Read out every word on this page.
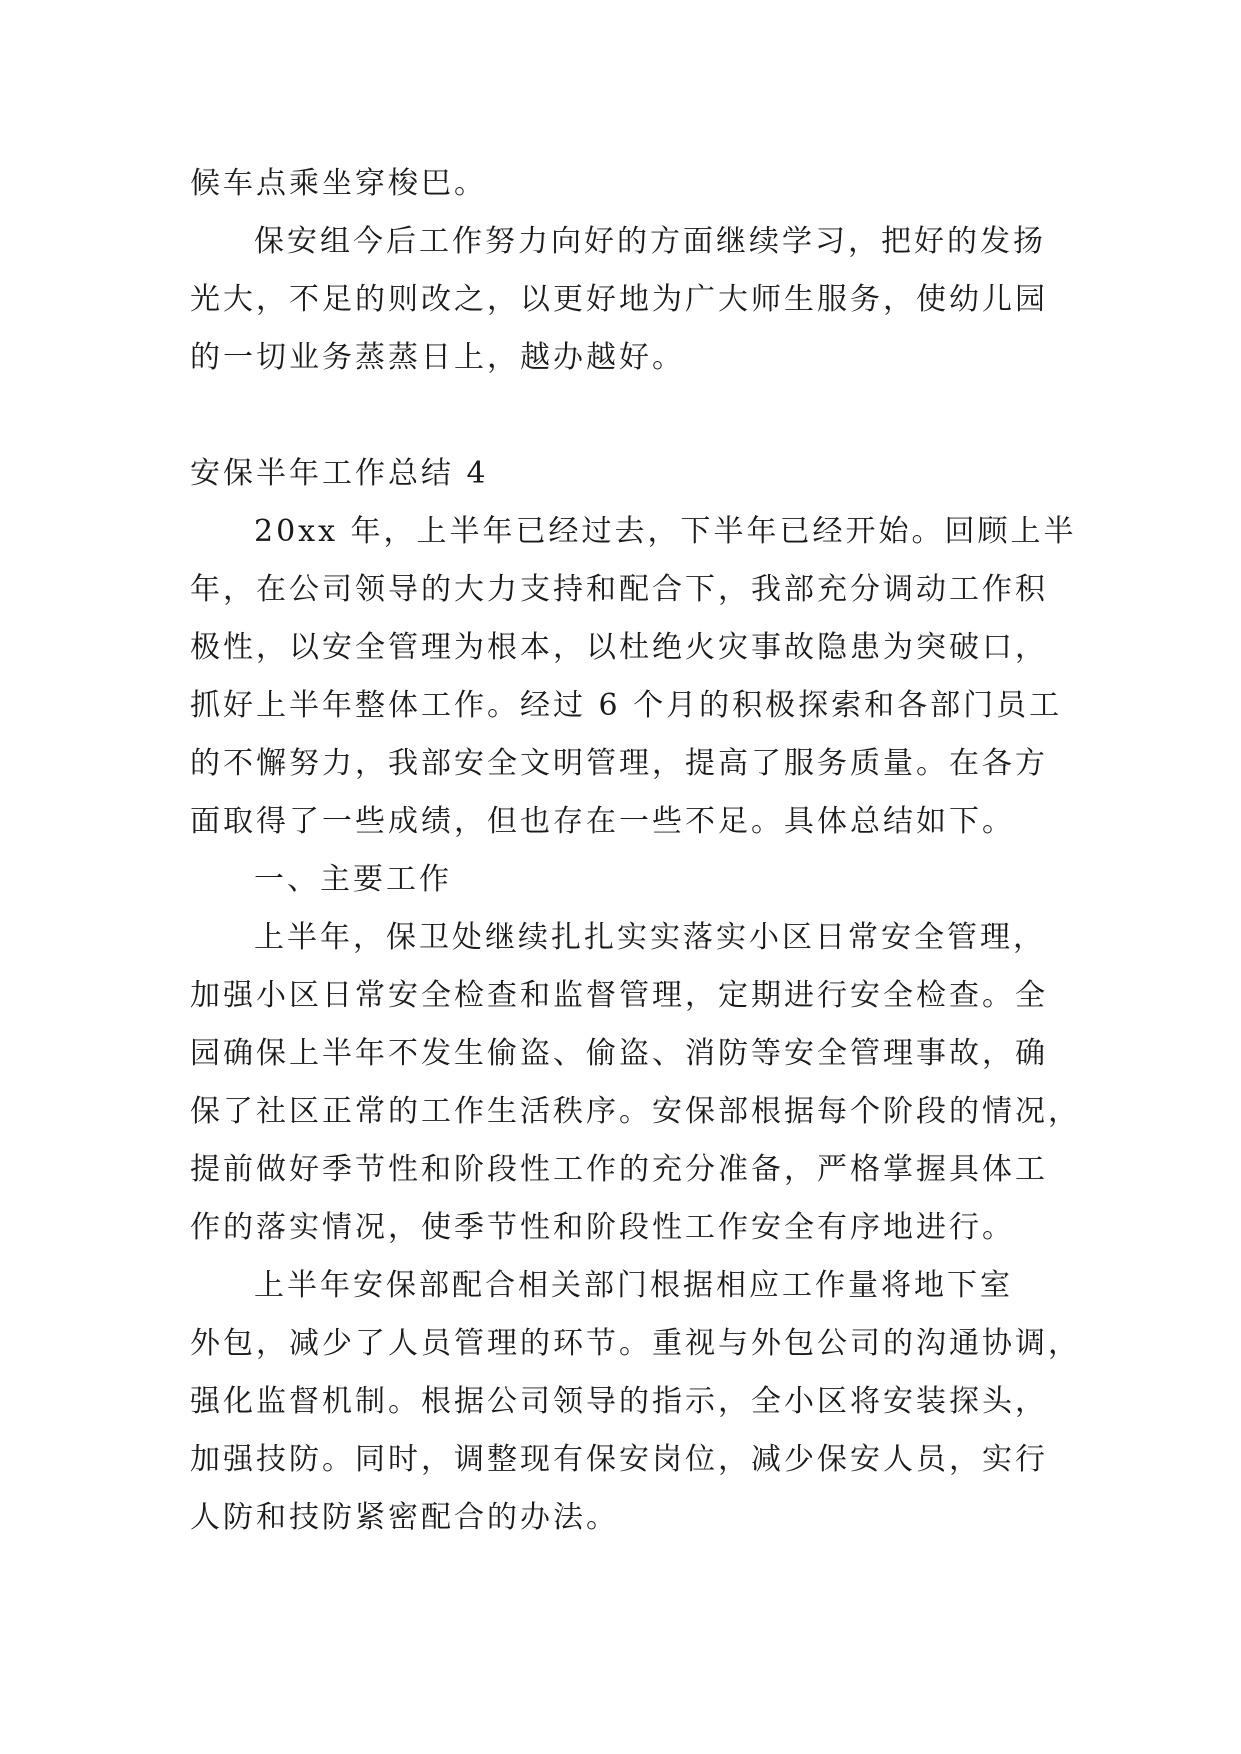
候车点乘坐穿梭巴。
保安组今后工作努力向好的方面继续学习，把好的发扬
光大，不足的则改之，以更好地为广大师生服务，使幼儿园
的一切业务蒸蒸日上，越办越好。
安保半年工作总结 4
20xx 年，上半年已经过去，下半年已经开始。回顾上半
年，在公司领导的大力支持和配合下，我部充分调动工作积
极性，以安全管理为根本，以杜绝火灾事故隐患为突破口，
抓好上半年整体工作。经过 6 个月的积极探索和各部门员工
的不懈努力，我部安全文明管理，提高了服务质量。在各方
面取得了一些成绩，但也存在一些不足。具体总结如下。
一、主要工作
上半年，保卫处继续扎扎实实落实小区日常安全管理，
加强小区日常安全检查和监督管理，定期进行安全检查。全
园确保上半年不发生偷盗、偷盗、消防等安全管理事故，确
保了社区正常的工作生活秩序。安保部根据每个阶段的情况，
提前做好季节性和阶段性工作的充分准备，严格掌握具体工
作的落实情况，使季节性和阶段性工作安全有序地进行。
上半年安保部配合相关部门根据相应工作量将地下室
外包，减少了人员管理的环节。重视与外包公司的沟通协调，
强化监督机制。根据公司领导的指示，全小区将安装探头，
加强技防。同时，调整现有保安岗位，减少保安人员，实行
人防和技防紧密配合的办法。
